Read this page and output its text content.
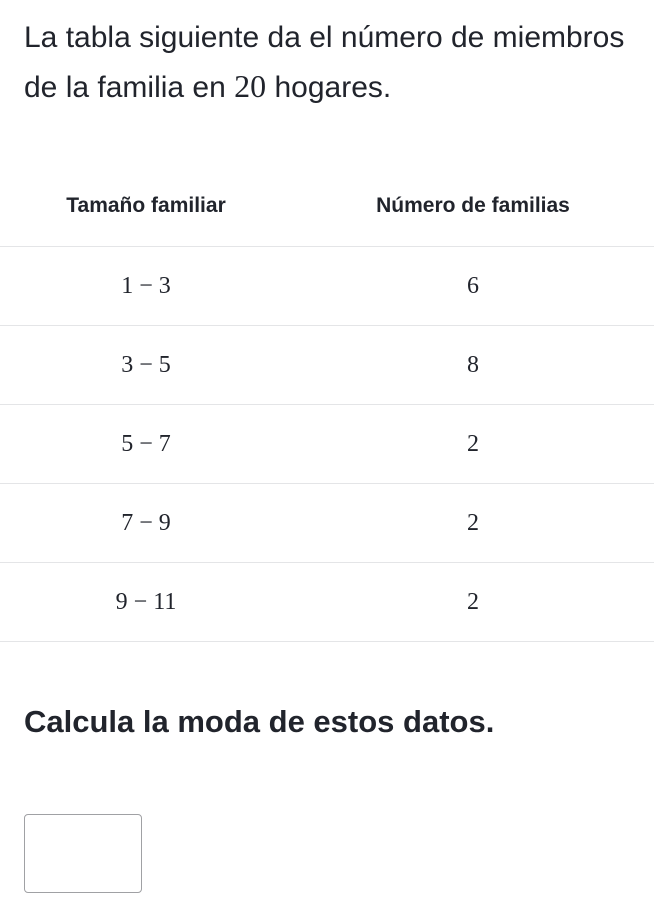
La tabla siguiente da el número de miembros de la familia en 20 hogares.
Tamaño familiar	Número de familias
1 − 3	6
3 − 5	8
5 − 7	2
7 − 9	2
9 − 11	2
Calcula la moda de estos datos.
